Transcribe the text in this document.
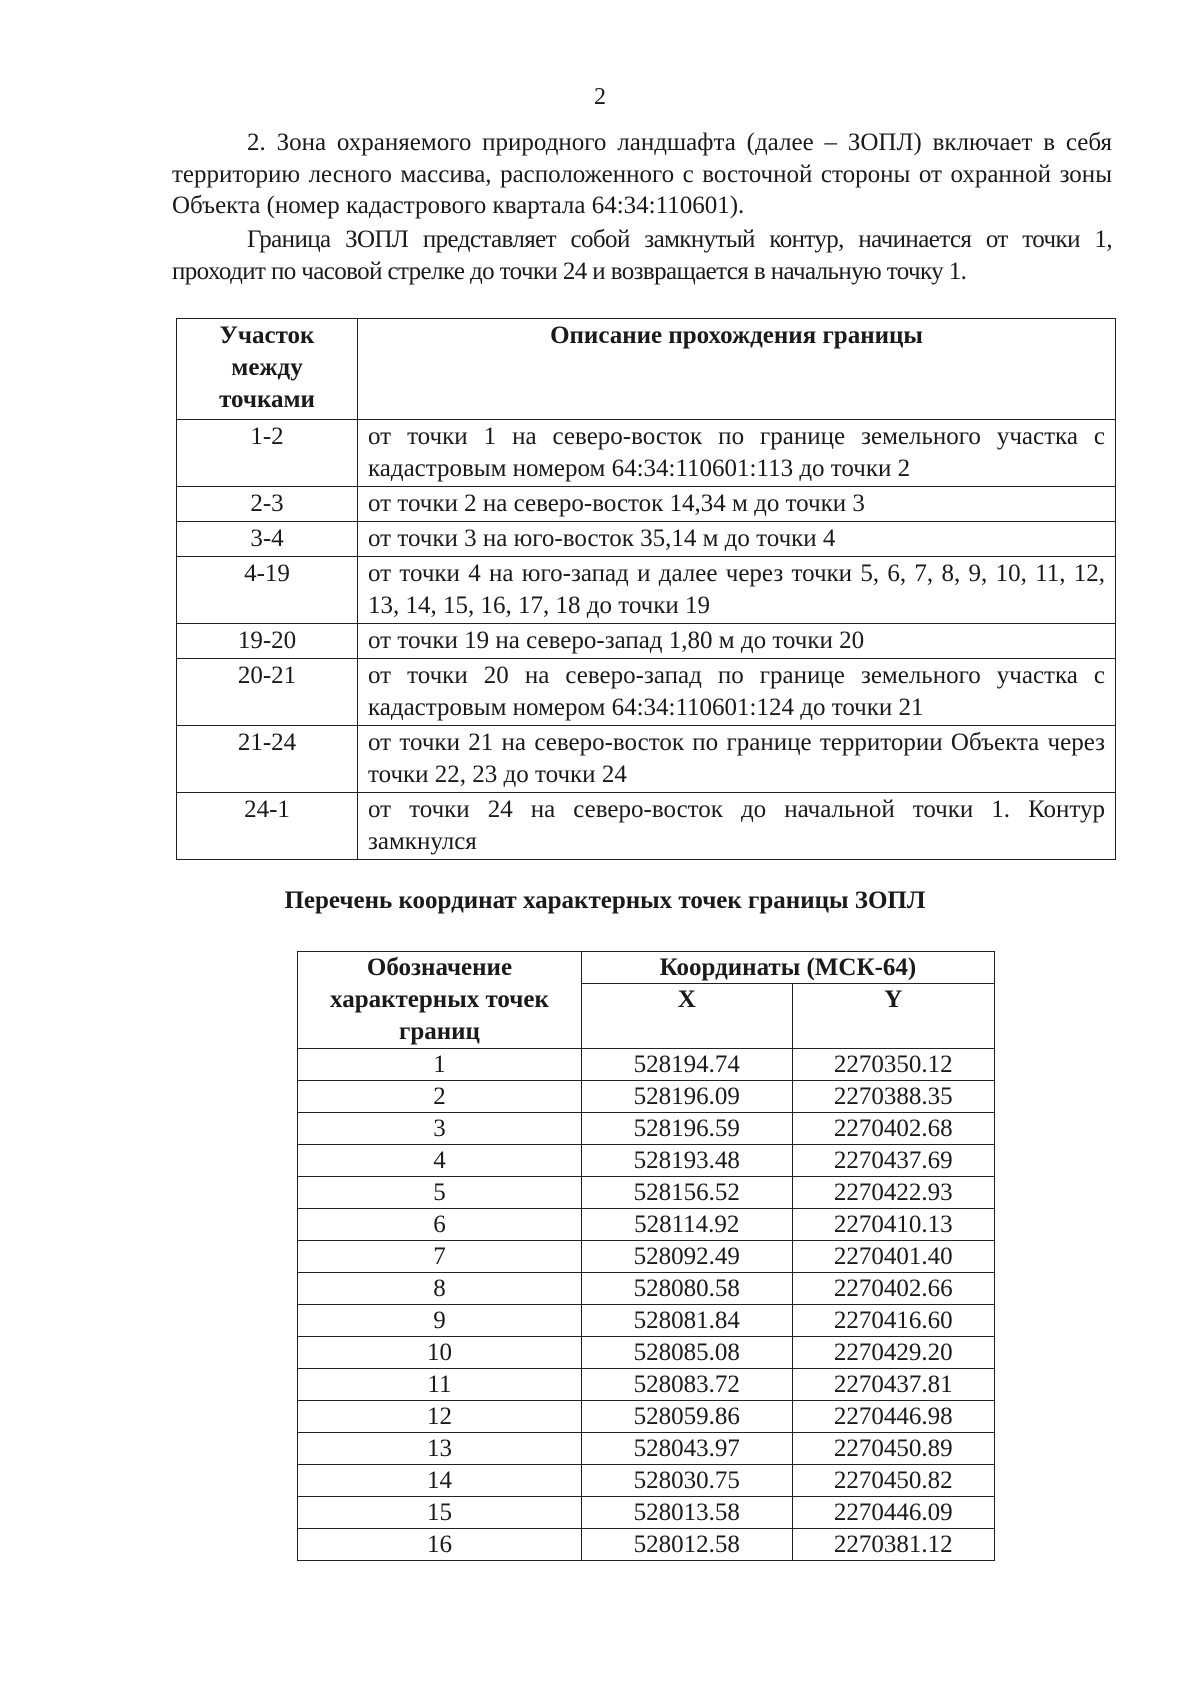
2

2. Зона охраняемого природного ландшафта (далее – ЗОПЛ) включает в себя территорию лесного массива, расположенного с восточной стороны от охранной зоны Объекта (номер кадастрового квартала 64:34:110601).

Граница ЗОПЛ представляет собой замкнутый контур, начинается от точки 1, проходит по часовой стрелке до точки 24 и возвращается в начальную точку 1.

Участок между точками	Описание прохождения границы
1-2	от точки 1 на северо-восток по границе земельного участка с кадастровым номером 64:34:110601:113 до точки 2
2-3	от точки 2 на северо-восток 14,34 м до точки 3
3-4	от точки 3 на юго-восток 35,14 м до точки 4
4-19	от точки 4 на юго-запад и далее через точки 5, 6, 7, 8, 9, 10, 11, 12, 13, 14, 15, 16, 17, 18 до точки 19
19-20	от точки 19 на северо-запад 1,80 м до точки 20
20-21	от точки 20 на северо-запад по границе земельного участка с кадастровым номером 64:34:110601:124 до точки 21
21-24	от точки 21 на северо-восток по границе территории Объекта через точки 22, 23 до точки 24
24-1	от точки 24 на северо-восток до начальной точки 1. Контур замкнулся
Перечень координат характерных точек границы ЗОПЛ
Обозначение характерных точек границ	Координаты (МСК-64)	
	X	Y
1	528194.74	2270350.12
2	528196.09	2270388.35
3	528196.59	2270402.68
4	528193.48	2270437.69
5	528156.52	2270422.93
6	528114.92	2270410.13
7	528092.49	2270401.40
8	528080.58	2270402.66
9	528081.84	2270416.60
10	528085.08	2270429.20
11	528083.72	2270437.81
12	528059.86	2270446.98
13	528043.97	2270450.89
14	528030.75	2270450.82
15	528013.58	2270446.09
16	528012.58	2270381.12
